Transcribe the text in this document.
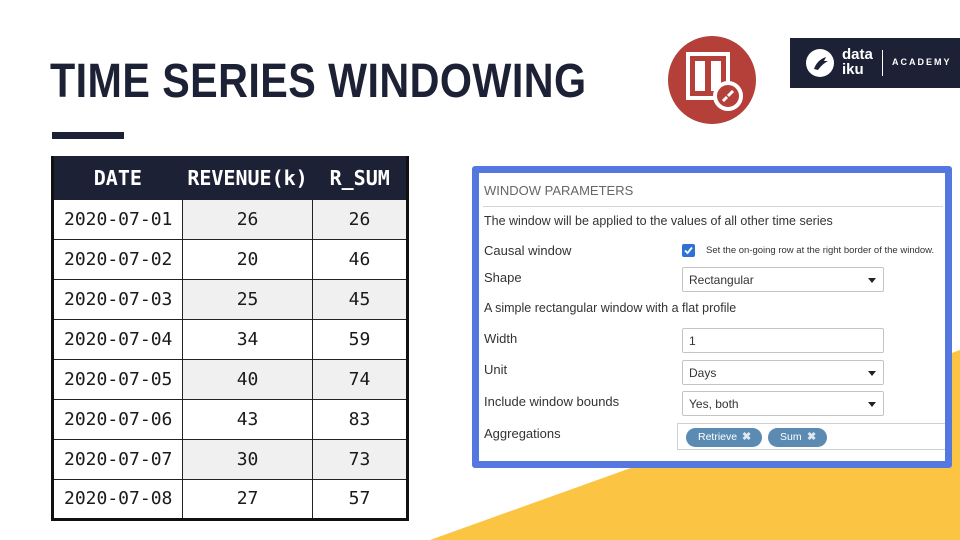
TIME SERIES WINDOWING
data
iku	ACADEMY
DATE	REVENUE(k)	R_SUM
2020-07-01	26	26
2020-07-02	20	46
2020-07-03	25	45
2020-07-04	34	59
2020-07-05	40	74
2020-07-06	43	83
2020-07-07	30	73
2020-07-08	27	57
WINDOW PARAMETERS
The window will be applied to the values of all other time series
Causal window	Set the on-going row at the right border of the window.
Shape	Rectangular
A simple rectangular window with a flat profile
Width	1
Unit	Days
Include window bounds	Yes, both
Aggregations	Retrieve ✖	Sum ✖
